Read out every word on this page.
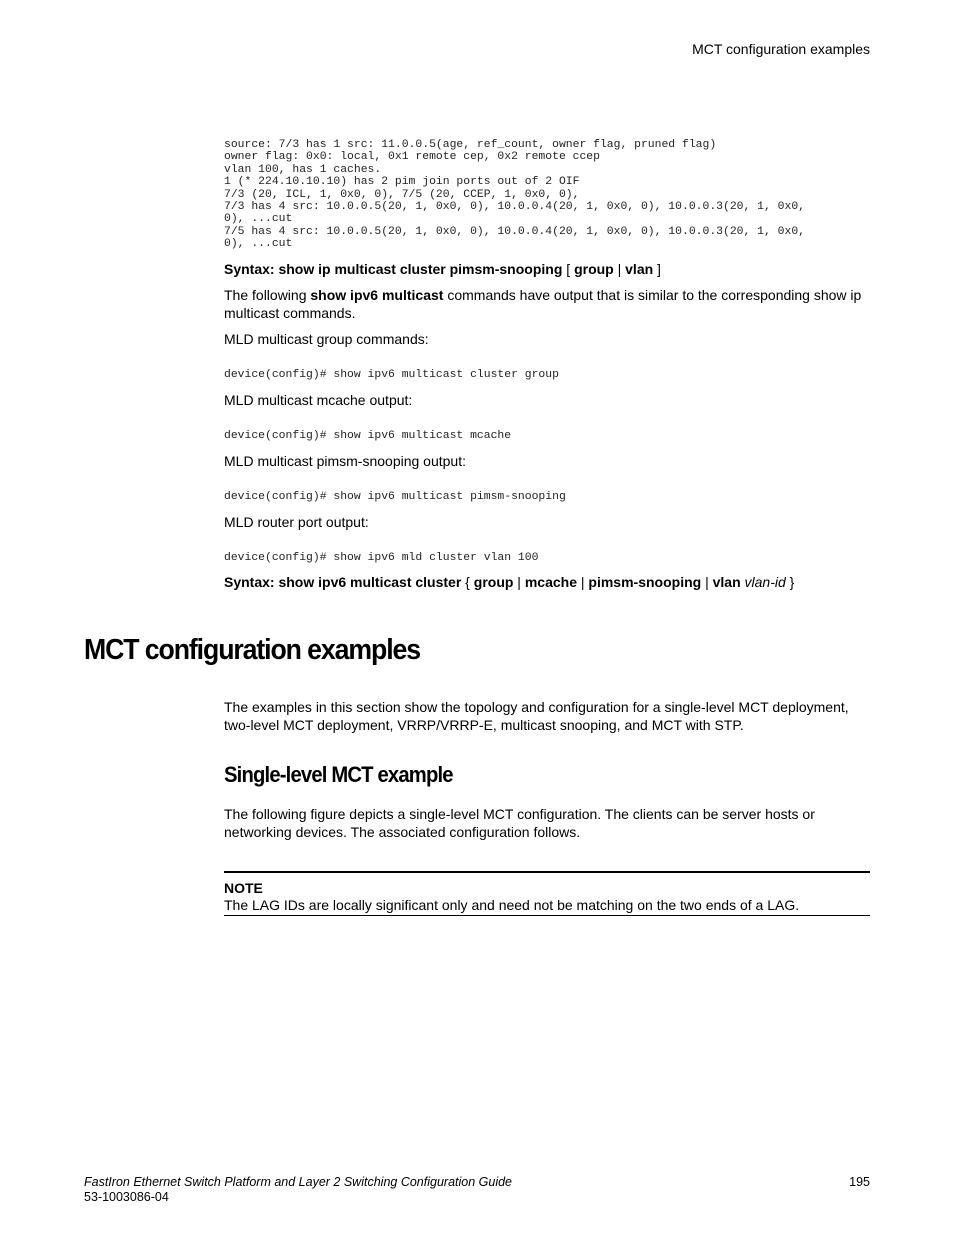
MCT configuration examples
source: 7/3 has 1 src: 11.0.0.5(age, ref_count, owner flag, pruned flag)
owner flag: 0x0: local, 0x1 remote cep, 0x2 remote ccep
vlan 100, has 1 caches.
1 (* 224.10.10.10) has 2 pim join ports out of 2 OIF
7/3 (20, ICL, 1, 0x0, 0), 7/5 (20, CCEP, 1, 0x0, 0),
7/3 has 4 src: 10.0.0.5(20, 1, 0x0, 0), 10.0.0.4(20, 1, 0x0, 0), 10.0.0.3(20, 1, 0x0,
0), ...cut
7/5 has 4 src: 10.0.0.5(20, 1, 0x0, 0), 10.0.0.4(20, 1, 0x0, 0), 10.0.0.3(20, 1, 0x0,
0), ...cut
Syntax: show ip multicast cluster pimsm-snooping [ group | vlan ]
The following show ipv6 multicast commands have output that is similar to the corresponding show ip multicast commands.
MLD multicast group commands:
device(config)# show ipv6 multicast cluster group
MLD multicast mcache output:
device(config)# show ipv6 multicast mcache
MLD multicast pimsm-snooping output:
device(config)# show ipv6 multicast pimsm-snooping
MLD router port output:
device(config)# show ipv6 mld cluster vlan 100
Syntax: show ipv6 multicast cluster { group | mcache | pimsm-snooping | vlan vlan-id }
MCT configuration examples
The examples in this section show the topology and configuration for a single-level MCT deployment, two-level MCT deployment, VRRP/VRRP-E, multicast snooping, and MCT with STP.
Single-level MCT example
The following figure depicts a single-level MCT configuration. The clients can be server hosts or networking devices. The associated configuration follows.
NOTE
The LAG IDs are locally significant only and need not be matching on the two ends of a LAG.
FastIron Ethernet Switch Platform and Layer 2 Switching Configuration Guide
53-1003086-04
195
